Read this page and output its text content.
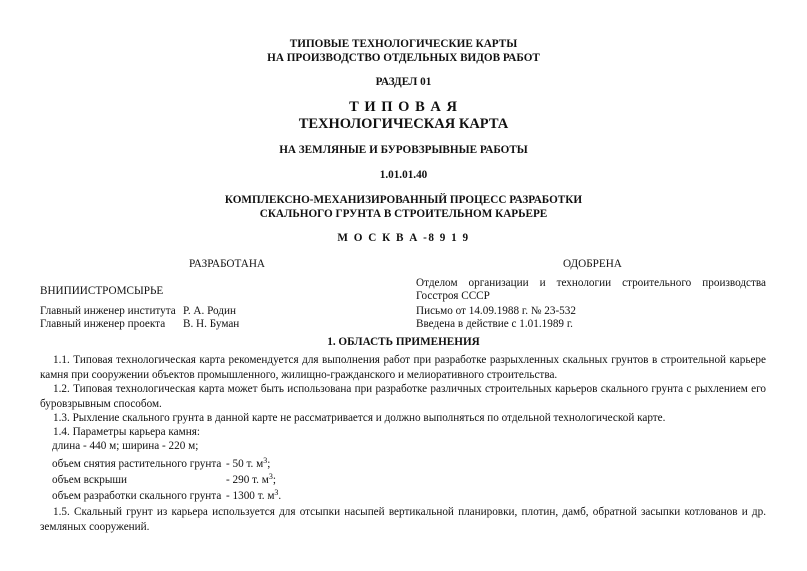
ТИПОВЫЕ ТЕХНОЛОГИЧЕСКИЕ КАРТЫ
НА ПРОИЗВОДСТВО ОТДЕЛЬНЫХ ВИДОВ РАБОТ
РАЗДЕЛ 01
Т И П О В А Я
ТЕХНОЛОГИЧЕСКАЯ КАРТА
НА ЗЕМЛЯНЫЕ И БУРОВЗРЫВНЫЕ РАБОТЫ
1.01.01.40
КОМПЛЕКСНО-МЕХАНИЗИРОВАННЫЙ ПРОЦЕСС РАЗРАБОТКИ
СКАЛЬНОГО ГРУНТА В СТРОИТЕЛЬНОМ КАРЬЕРЕ
М О С К В А -8 9 1 9
РАЗРАБОТАНА
ВНИПИИСТРОМСЫРЬЕ
Главный инженер института Р. А. Родин
Главный инженер проекта В. Н. Буман
ОДОБРЕНА
Отделом организации и технологии строительного производства
Госстроя СССР
Письмо от 14.09.1988 г. № 23-532
Введена в действие с 1.01.1989 г.
1. ОБЛАСТЬ ПРИМЕНЕНИЯ
1.1. Типовая технологическая карта рекомендуется для выполнения работ при разработке разрыхленных скальных грунтов в строительной карьере камня при сооружении объектов промышленного, жилищно-гражданского и мелиоративного строительства.
1.2. Типовая технологическая карта может быть использована при разработке различных строительных карьеров скального грунта с рыхлением его буровзрывным способом.
1.3. Рыхление скального грунта в данной карте не рассматривается и должно выполняться по отдельной технологической карте.
1.4. Параметры карьера камня:
длина - 440 м; ширина - 220 м;
объем снятия растительного грунта - 50 т. $м^3$;
объем вскрыши	- 290 т. $м^3$;
объем разработки скального грунта - 1300 т. $м^3$.
1.5. Скальный грунт из карьера используется для отсыпки насыпей вертикальной планировки, плотин, дамб, обратной засыпки котлованов и др. земляных сооружений.
